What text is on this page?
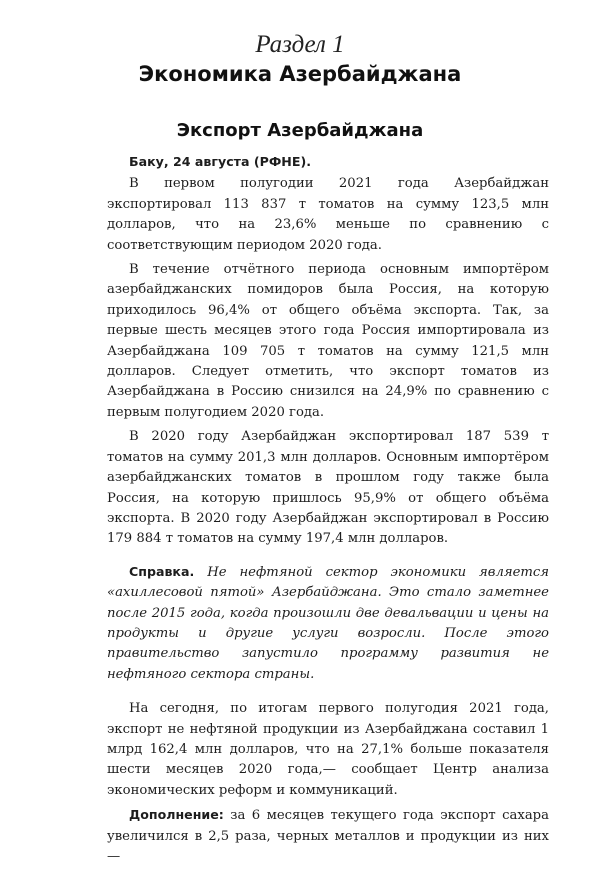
Раздел 1
Экономика Азербайджана
Экспорт Азербайджана

Баку, 24 августа (РФНЕ).

В первом полугодии 2021 года Азербайджан экспортировал 113 837 т томатов на сумму 123,5 млн долларов, что на 23,6% меньше по сравнению с соответствующим периодом 2020 года.

В течение отчётного периода основным импортёром азербайджанских помидоров была Россия, на которую приходилось 96,4% от общего объёма экспорта. Так, за первые шесть месяцев этого года Россия импортировала из Азербайджана 109 705 т томатов на сумму 121,5 млн долларов. Следует отметить, что экспорт томатов из Азербайджана в Россию снизился на 24,9% по сравнению с первым полугодием 2020 года.

В 2020 году Азербайджан экспортировал 187 539 т томатов на сумму 201,3 млн долларов. Основным импортёром азербайджанских томатов в прошлом году также была Россия, на которую пришлось 95,9% от общего объёма экспорта. В 2020 году Азербайджан экспортировал в Россию 179 884 т томатов на сумму 197,4 млн долларов.

Справка. Не нефтяной сектор экономики является «ахиллесовой пятой» Азербайджана. Это стало заметнее после 2015 года, когда произошли две девальвации и цены на продукты и другие услуги возросли. После этого правительство запустило программу развития не нефтяного сектора страны.

На сегодня, по итогам первого полугодия 2021 года, экспорт не нефтяной продукции из Азербайджана составил 1 млрд 162,4 млн долларов, что на 27,1% больше показателя шести месяцев 2020 года,— сообщает Центр анализа экономических реформ и коммуникаций.

Дополнение: за 6 месяцев текущего года экспорт сахара увеличился в 2,5 раза, черных металлов и продукции из них —
